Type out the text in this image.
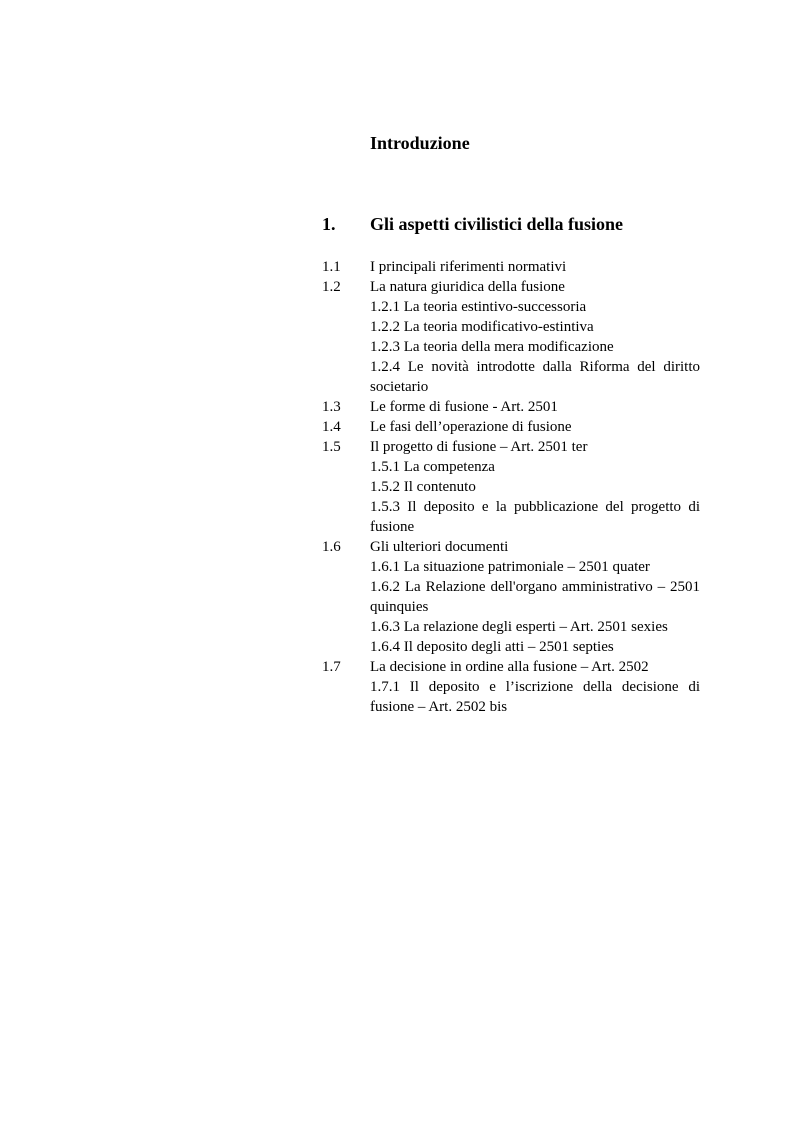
Introduzione
1. Gli aspetti civilistici della fusione
1.1 I principali riferimenti normativi
1.2 La natura giuridica della fusione
1.2.1 La teoria estintivo-successoria
1.2.2 La teoria modificativo-estintiva
1.2.3 La teoria della mera modificazione
1.2.4 Le novità introdotte dalla Riforma del diritto societario
1.3 Le forme di fusione - Art. 2501
1.4 Le fasi dell’operazione di fusione
1.5 Il progetto di fusione – Art. 2501 ter
1.5.1 La competenza
1.5.2 Il contenuto
1.5.3 Il deposito e la pubblicazione del progetto di fusione
1.6 Gli ulteriori documenti
1.6.1 La situazione patrimoniale – 2501 quater
1.6.2 La Relazione dell'organo amministrativo – 2501 quinquies
1.6.3 La relazione degli esperti – Art. 2501 sexies
1.6.4 Il deposito degli atti – 2501 septies
1.7 La decisione in ordine alla fusione – Art. 2502
1.7.1 Il deposito e l’iscrizione della decisione di fusione – Art. 2502 bis
